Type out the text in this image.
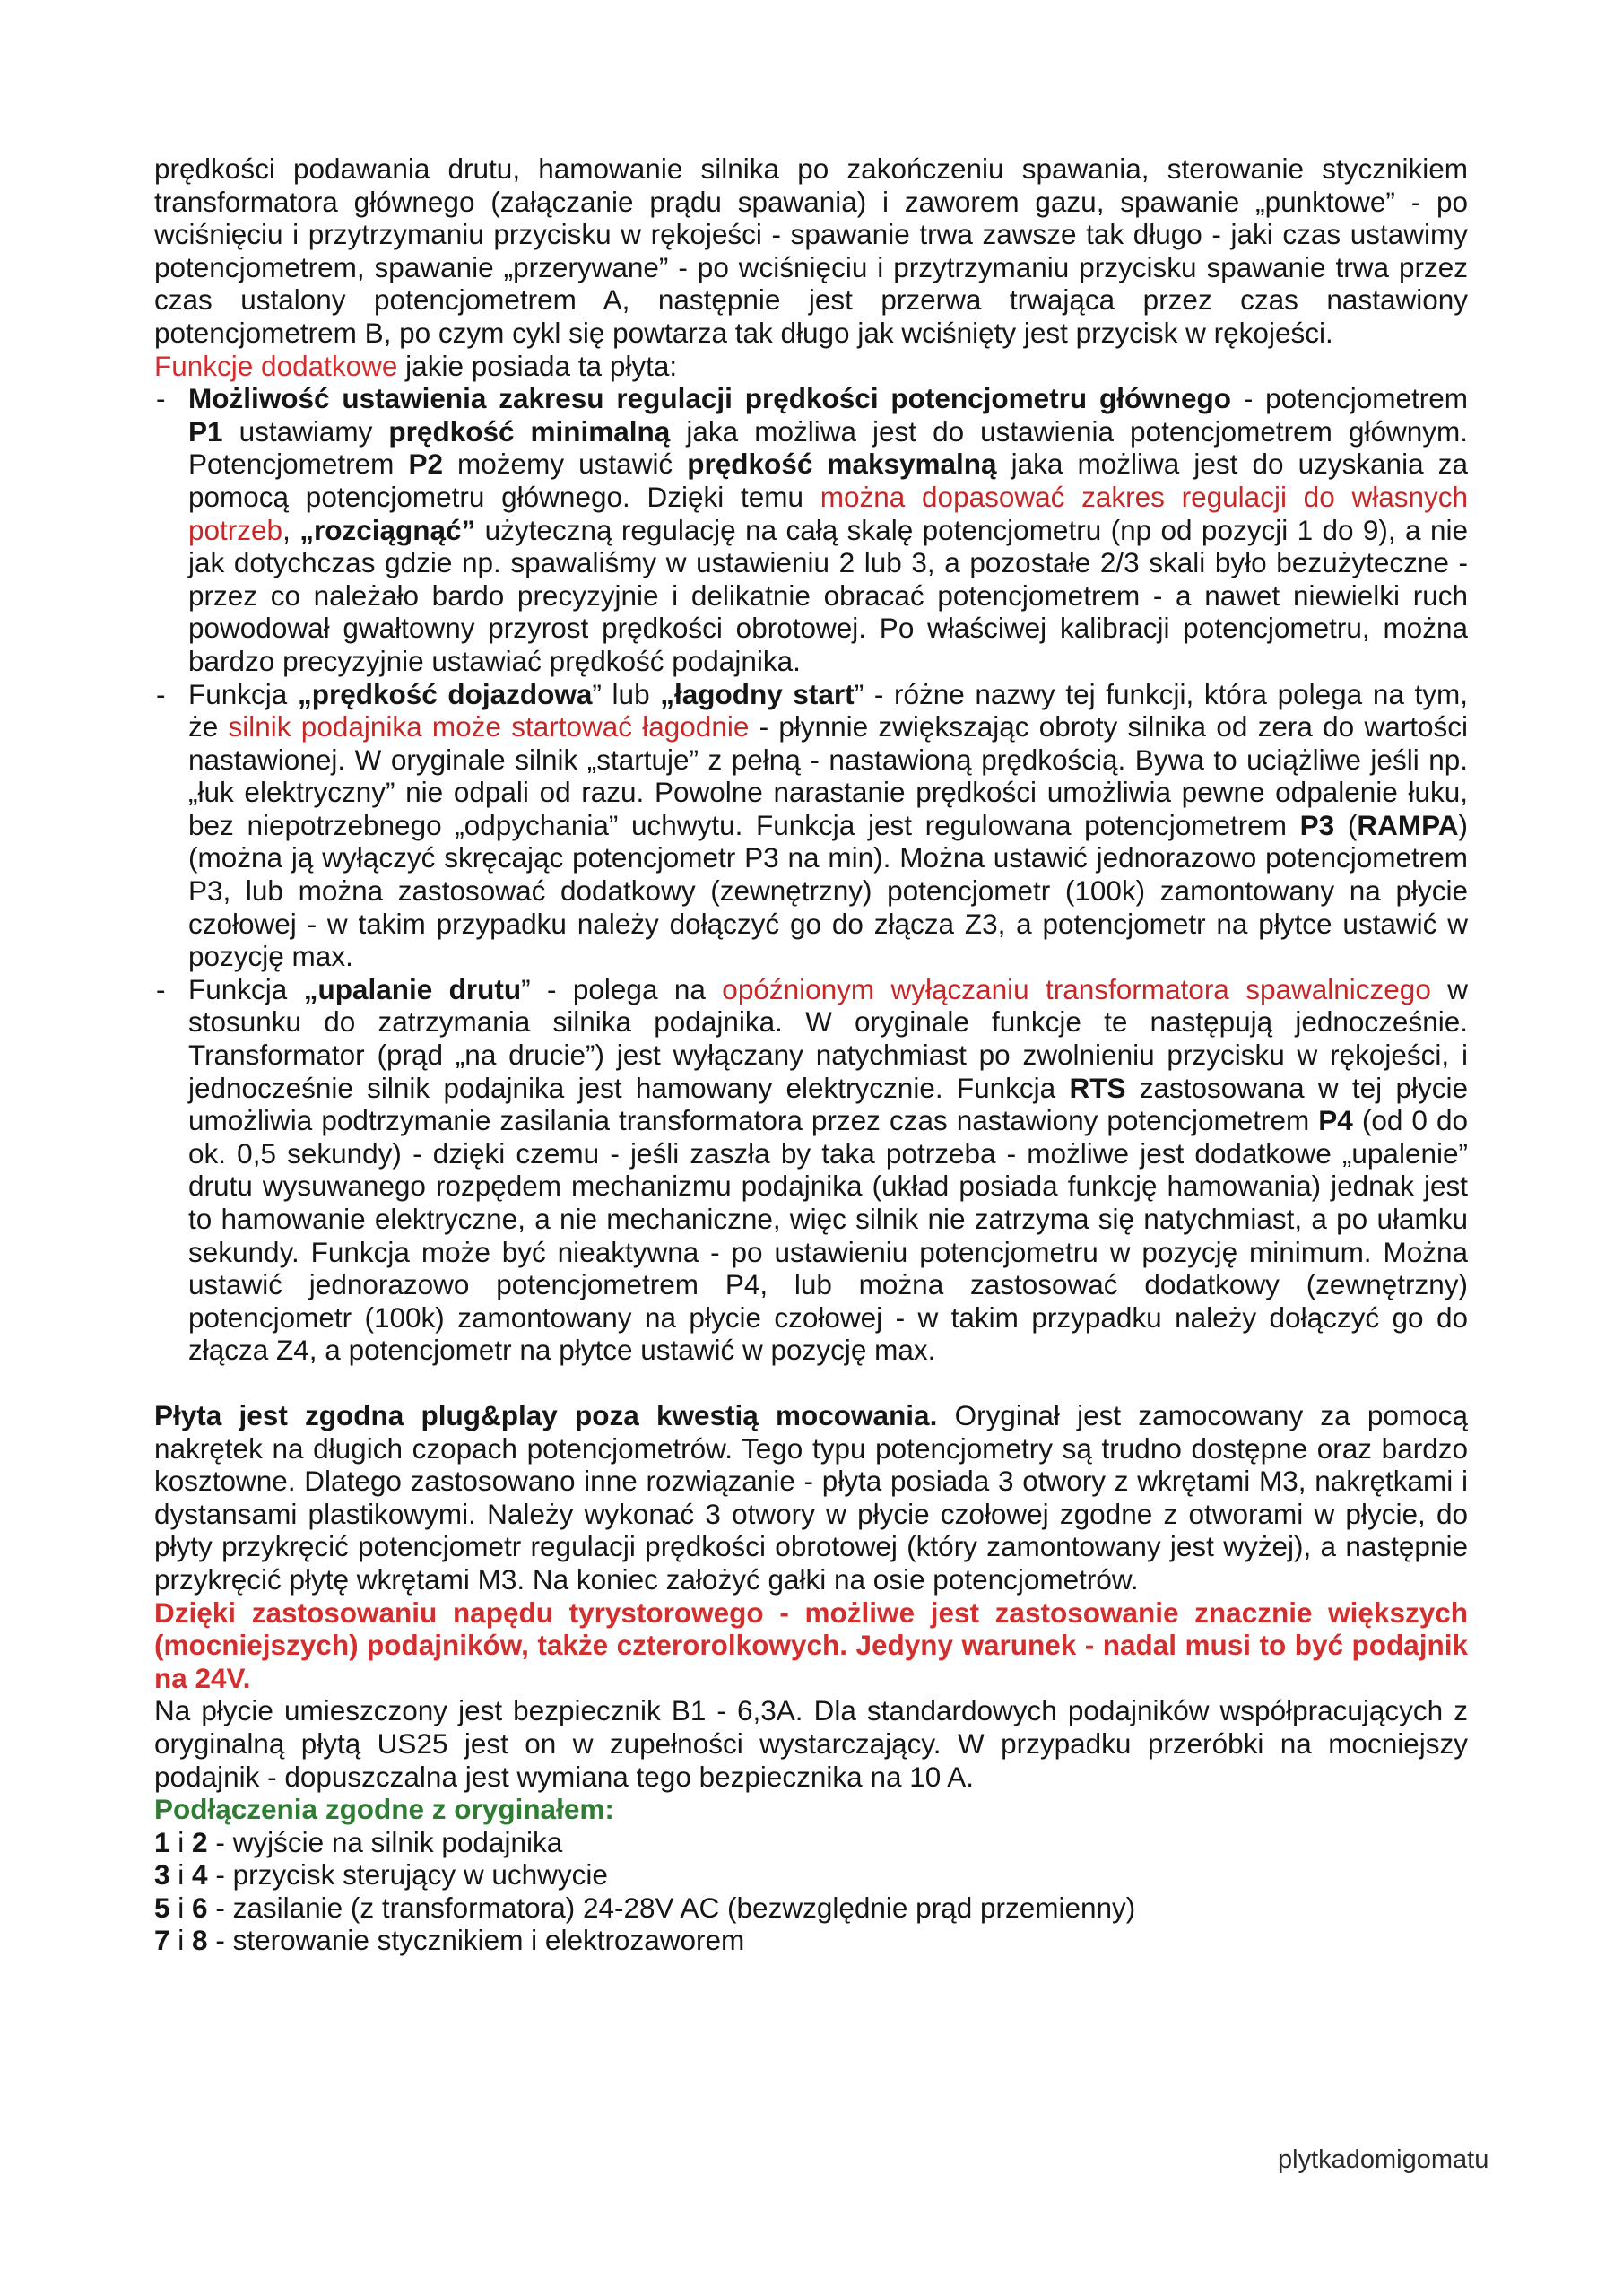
prędkości podawania drutu, hamowanie silnika po zakończeniu spawania, sterowanie stycznikiem transformatora głównego (załączanie prądu spawania) i zaworem gazu, spawanie „punktowe” - po wciśnięciu i przytrzymaniu przycisku w rękojeści - spawanie trwa zawsze tak długo - jaki czas ustawimy potencjometrem, spawanie „przerywane” - po wciśnięciu i przytrzymaniu przycisku spawanie trwa przez czas ustalony potencjometrem A, następnie jest przerwa trwająca przez czas nastawiony potencjometrem B, po czym cykl się powtarza tak długo jak wciśnięty jest przycisk w rękojeści.

Funkcje dodatkowe jakie posiada ta płyta:

- Możliwość ustawienia zakresu regulacji prędkości potencjometru głównego - potencjometrem P1 ustawiamy prędkość minimalną jaka możliwa jest do ustawienia potencjometrem głównym. Potencjometrem P2 możemy ustawić prędkość maksymalną jaka możliwa jest do uzyskania za pomocą potencjometru głównego. Dzięki temu można dopasować zakres regulacji do własnych potrzeb, „rozciągnąć” użyteczną regulację na całą skalę potencjometru (np od pozycji 1 do 9), a nie jak dotychczas gdzie np. spawaliśmy w ustawieniu 2 lub 3, a pozostałe 2/3 skali było bezużyteczne - przez co należało bardo precyzyjnie i delikatnie obracać potencjometrem - a nawet niewielki ruch powodował gwałtowny przyrost prędkości obrotowej. Po właściwej kalibracji potencjometru, można bardzo precyzyjnie ustawiać prędkość podajnika.
- Funkcja „prędkość dojazdowa” lub „łagodny start” - różne nazwy tej funkcji, która polega na tym, że silnik podajnika może startować łagodnie - płynnie zwiększając obroty silnika od zera do wartości nastawionej. W oryginale silnik „startuje” z pełną - nastawioną prędkością. Bywa to uciążliwe jeśli np. „łuk elektryczny” nie odpali od razu. Powolne narastanie prędkości umożliwia pewne odpalenie łuku, bez niepotrzebnego „odpychania” uchwytu. Funkcja jest regulowana potencjometrem P3 (RAMPA) (można ją wyłączyć skręcając potencjometr P3 na min). Można ustawić jednorazowo potencjometrem P3, lub można zastosować dodatkowy (zewnętrzny) potencjometr (100k) zamontowany na płycie czołowej - w takim przypadku należy dołączyć go do złącza Z3, a potencjometr na płytce ustawić w pozycję max.
- Funkcja „upalanie drutu” - polega na opóźnionym wyłączaniu transformatora spawalniczego w stosunku do zatrzymania silnika podajnika. W oryginale funkcje te następują jednocześnie. Transformator (prąd „na drucie”) jest wyłączany natychmiast po zwolnieniu przycisku w rękojeści, i jednocześnie silnik podajnika jest hamowany elektrycznie. Funkcja RTS zastosowana w tej płycie umożliwia podtrzymanie zasilania transformatora przez czas nastawiony potencjometrem P4 (od 0 do ok. 0,5 sekundy) - dzięki czemu - jeśli zaszła by taka potrzeba - możliwe jest dodatkowe „upalenie” drutu wysuwanego rozpędem mechanizmu podajnika (układ posiada funkcję hamowania) jednak jest to hamowanie elektryczne, a nie mechaniczne, więc silnik nie zatrzyma się natychmiast, a po ułamku sekundy. Funkcja może być nieaktywna - po ustawieniu potencjometru w pozycję minimum. Można ustawić jednorazowo potencjometrem P4, lub można zastosować dodatkowy (zewnętrzny) potencjometr (100k) zamontowany na płycie czołowej - w takim przypadku należy dołączyć go do złącza Z4, a potencjometr na płytce ustawić w pozycję max.

Płyta jest zgodna plug&play poza kwestią mocowania. Oryginał jest zamocowany za pomocą nakrętek na długich czopach potencjometrów. Tego typu potencjometry są trudno dostępne oraz bardzo kosztowne. Dlatego zastosowano inne rozwiązanie - płyta posiada 3 otwory z wkrętami M3, nakrętkami i dystansami plastikowymi. Należy wykonać 3 otwory w płycie czołowej zgodne z otworami w płycie, do płyty przykręcić potencjometr regulacji prędkości obrotowej (który zamontowany jest wyżej), a następnie przykręcić płytę wkrętami M3. Na koniec założyć gałki na osie potencjometrów.

Dzięki zastosowaniu napędu tyrystorowego - możliwe jest zastosowanie znacznie większych (mocniejszych) podajników, także czterorolkowych. Jedyny warunek - nadal musi to być podajnik na 24V.

Na płycie umieszczony jest bezpiecznik B1 - 6,3A. Dla standardowych podajników współpracujących z oryginalną płytą US25 jest on w zupełności wystarczający. W przypadku przeróbki na mocniejszy podajnik - dopuszczalna jest wymiana tego bezpiecznika na 10 A.

Podłączenia zgodne z oryginałem:

1 i 2 - wyjście na silnik podajnika

3 i 4 - przycisk sterujący w uchwycie

5 i 6 - zasilanie (z transformatora) 24-28V AC (bezwzględnie prąd przemienny)

7 i 8 - sterowanie stycznikiem i elektrozaworem

plytkadomigomatu
